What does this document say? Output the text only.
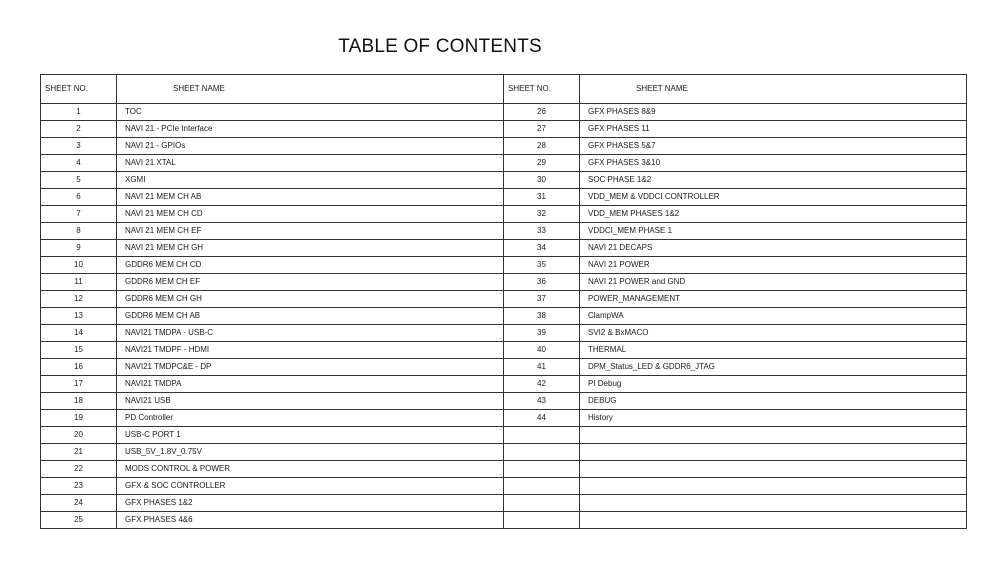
TABLE OF CONTENTS
SHEET NO.	SHEET NAME	SHEET NO.	SHEET NAME
1	TOC	26	GFX PHASES 8&9
2	NAVI 21 - PCIe Interface	27	GFX PHASES 11
3	NAVI 21 - GPIOs	28	GFX PHASES 5&7
4	NAVI 21 XTAL	29	GFX PHASES 3&10
5	XGMI	30	SOC PHASE 1&2
6	NAVI 21 MEM CH AB	31	VDD_MEM & VDDCI CONTROLLER
7	NAVI 21 MEM CH CD	32	VDD_MEM PHASES 1&2
8	NAVI 21 MEM CH EF	33	VDDCI_MEM PHASE 1
9	NAVI 21 MEM CH GH	34	NAVI 21 DECAPS
10	GDDR6 MEM CH CD	35	NAVI 21 POWER
11	GDDR6 MEM CH EF	36	NAVI 21 POWER and GND
12	GDDR6 MEM CH GH	37	POWER_MANAGEMENT
13	GDDR6 MEM CH AB	38	ClampWA
14	NAVI21 TMDPA - USB-C	39	SVI2 & BxMACO
15	NAVI21 TMDPF - HDMI	40	THERMAL
16	NAVI21 TMDPC&E - DP	41	DPM_Status_LED & GDDR6_JTAG
17	NAVI21 TMDPA	42	PI Debug
18	NAVI21 USB	43	DEBUG
19	PD Controller	44	History
20	USB-C PORT 1		
21	USB_5V_1.8V_0.75V		
22	MODS CONTROL & POWER		
23	GFX & SOC CONTROLLER		
24	GFX PHASES 1&2		
25	GFX PHASES 4&6		
